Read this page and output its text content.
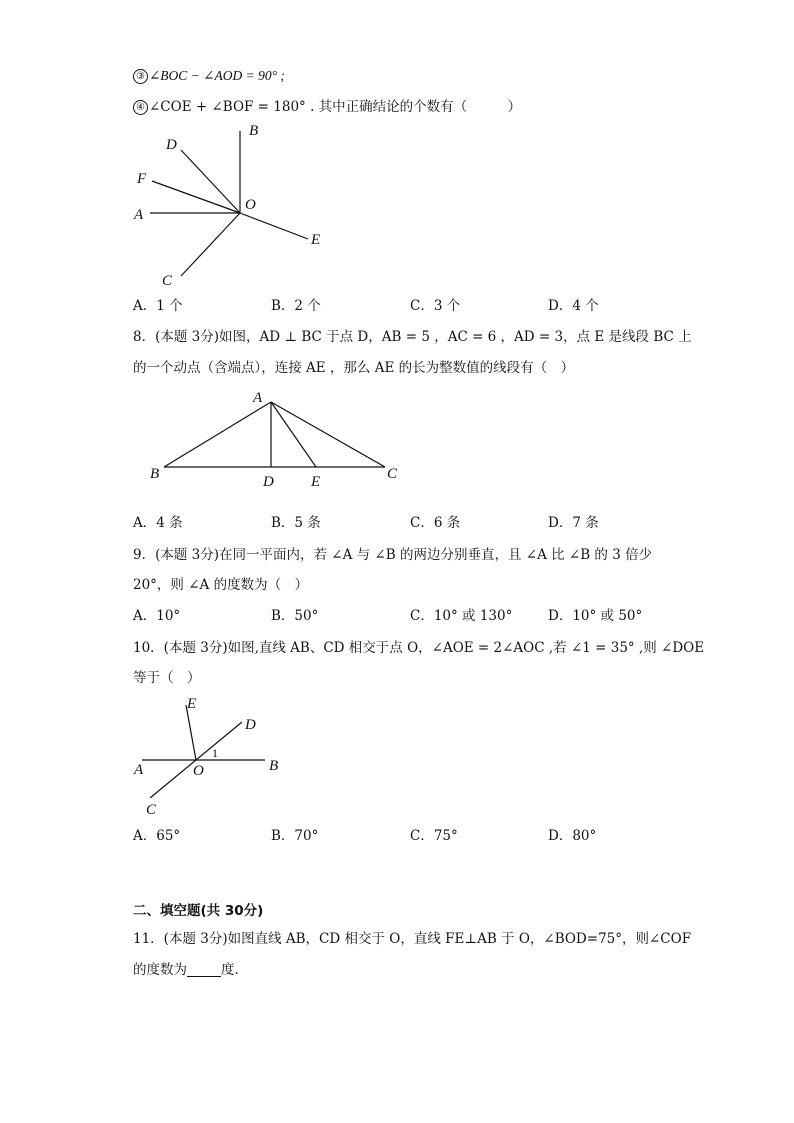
③ ∠BOC − ∠AOD = 90° ;
④ ∠COE + ∠BOF = 180° . 其中正确结论的个数有（　　　）
B
D
F
A
O
E
C
A
B	D E	C
E
D
1
A	O	B
C
A．1 个	B．2 个	C．3 个	D．4 个
8．(本题 3分)如图，AD ⊥ BC 于点 D，AB = 5 ，AC = 6 ，AD = 3，点 E 是线段 BC 上
的一个动点（含端点），连接 AE ，那么 AE 的长为整数值的线段有（　）
A．4 条	B．5 条	C．6 条	D．7 条
9．(本题 3分)在同一平面内，若 ∠A 与 ∠B 的两边分别垂直，且 ∠A 比 ∠B 的 3 倍少
20°，则 ∠A 的度数为（　）
A．10°	B．50°	C．10° 或 130°	D．10° 或 50°
10．(本题 3分)如图,直线 AB、CD 相交于点 O，∠AOE = 2∠AOC ,若 ∠1 = 35° ,则 ∠DOE
等于（　）
A．65°	B．70°	C．75°	D．80°
二、填空题(共 30分)
11．(本题 3分)如图直线 AB，CD 相交于 O，直线 FE⊥AB 于 O，∠BOD=75°，则∠COF
的度数为	度.
